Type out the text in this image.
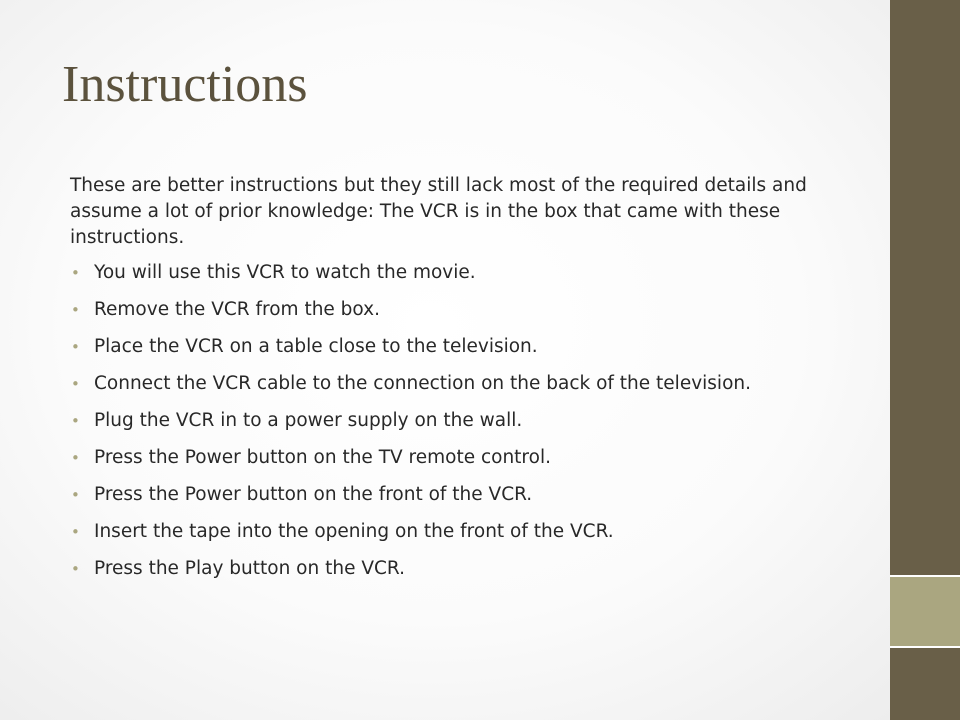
Instructions

These are better instructions but they still lack most of the required details and assume a lot of prior knowledge: The VCR is in the box that came with these instructions.

• You will use this VCR to watch the movie.
• Remove the VCR from the box.
• Place the VCR on a table close to the television.
• Connect the VCR cable to the connection on the back of the television.
• Plug the VCR in to a power supply on the wall.
• Press the Power button on the TV remote control.
• Press the Power button on the front of the VCR.
• Insert the tape into the opening on the front of the VCR.
• Press the Play button on the VCR.
